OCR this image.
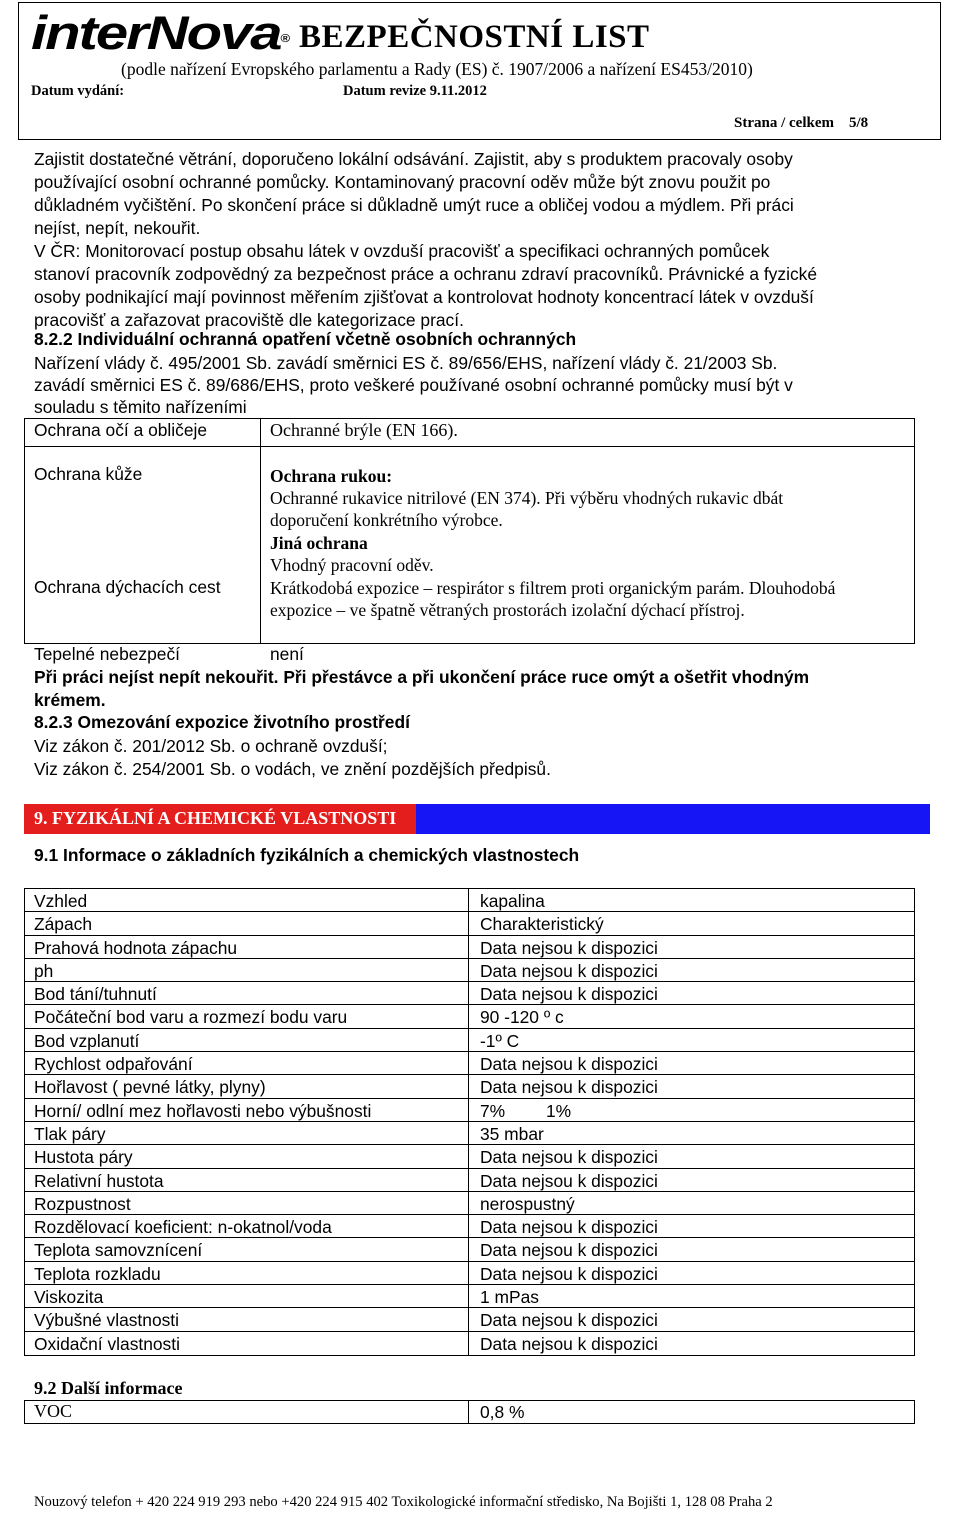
interNova ® BEZPEČNOSTNÍ LIST
(podle nařízení Evropského parlamentu a Rady (ES) č. 1907/2006 a nařízení ES453/2010)
Datum vydání:	Datum revize 9.11.2012
Strana / celkem    5/8
Zajistit dostatečné větrání, doporučeno lokální odsávání. Zajistit, aby s produktem pracovaly osoby
používající osobní ochranné pomůcky. Kontaminovaný pracovní oděv může být znovu použit po
důkladném vyčištění. Po skončení práce si důkladně umýt ruce a obličej vodou a mýdlem. Při práci
nejíst, nepít, nekouřit.
V ČR: Monitorovací postup obsahu látek v ovzduší pracovišť a specifikaci ochranných pomůcek
stanoví pracovník zodpovědný za bezpečnost práce a ochranu zdraví pracovníků. Právnické a fyzické
osoby podnikající mají povinnost měřením zjišťovat a kontrolovat hodnoty koncentrací látek v ovzduší
pracovišť a zařazovat pracoviště dle kategorizace prací.
8.2.2 Individuální ochranná opatření včetně osobních ochranných
Nařízení vlády č. 495/2001 Sb. zavádí směrnici ES č. 89/656/EHS, nařízení vlády č. 21/2003 Sb.
zavádí směrnici ES č. 89/686/EHS, proto veškeré používané osobní ochranné pomůcky musí být v
souladu s těmito nařízeními
Ochrana očí a obličeje	Ochranné brýle (EN 166).
Ochrana kůže	Ochrana rukou:
Ochranné rukavice nitrilové (EN 374). Při výběru vhodných rukavic dbát
doporučení konkrétního výrobce.
Jiná ochrana
Vhodný pracovní oděv.
Ochrana dýchacích cest	Krátkodobá expozice – respirátor s filtrem proti organickým parám. Dlouhodobá
expozice – ve špatně větraných prostorách izolační dýchací přístroj.
Tepelné nebezpečí	není
Při práci nejíst nepít nekouřit. Při přestávce a při ukončení práce ruce omýt a ošetřit vhodným
krémem.
8.2.3 Omezování expozice životního prostředí
Viz zákon č. 201/2012 Sb. o ochraně ovzduší;
Viz zákon č. 254/2001 Sb. o vodách, ve znění pozdějších předpisů.
9. FYZIKÁLNÍ A CHEMICKÉ VLASTNOSTI
9.1 Informace o základních fyzikálních a chemických vlastnostech
Vzhled	kapalina
Zápach	Charakteristický
Prahová hodnota zápachu	Data nejsou k dispozici
ph	Data nejsou k dispozici
Bod tání/tuhnutí	Data nejsou k dispozici
Počáteční bod varu a rozmezí bodu varu	90 -120 º c
Bod vzplanutí	-1º C
Rychlost odpařování	Data nejsou k dispozici
Hořlavost ( pevné látky, plyny)	Data nejsou k dispozici
Horní/ odlní mez hořlavosti nebo výbušnosti	7% 1%
Tlak páry	35 mbar
Hustota páry	Data nejsou k dispozici
Relativní hustota	Data nejsou k dispozici
Rozpustnost	nerospustný
Rozdělovací koeficient: n-okatnol/voda	Data nejsou k dispozici
Teplota samovznícení	Data nejsou k dispozici
Teplota rozkladu	Data nejsou k dispozici
Viskozita	1 mPas
Výbušné vlastnosti	Data nejsou k dispozici
Oxidační vlastnosti	Data nejsou k dispozici
9.2 Další informace
VOC	0,8 %
Nouzový telefon + 420 224 919 293 nebo +420 224 915 402 Toxikologické informační středisko, Na Bojišti 1, 128 08 Praha 2
